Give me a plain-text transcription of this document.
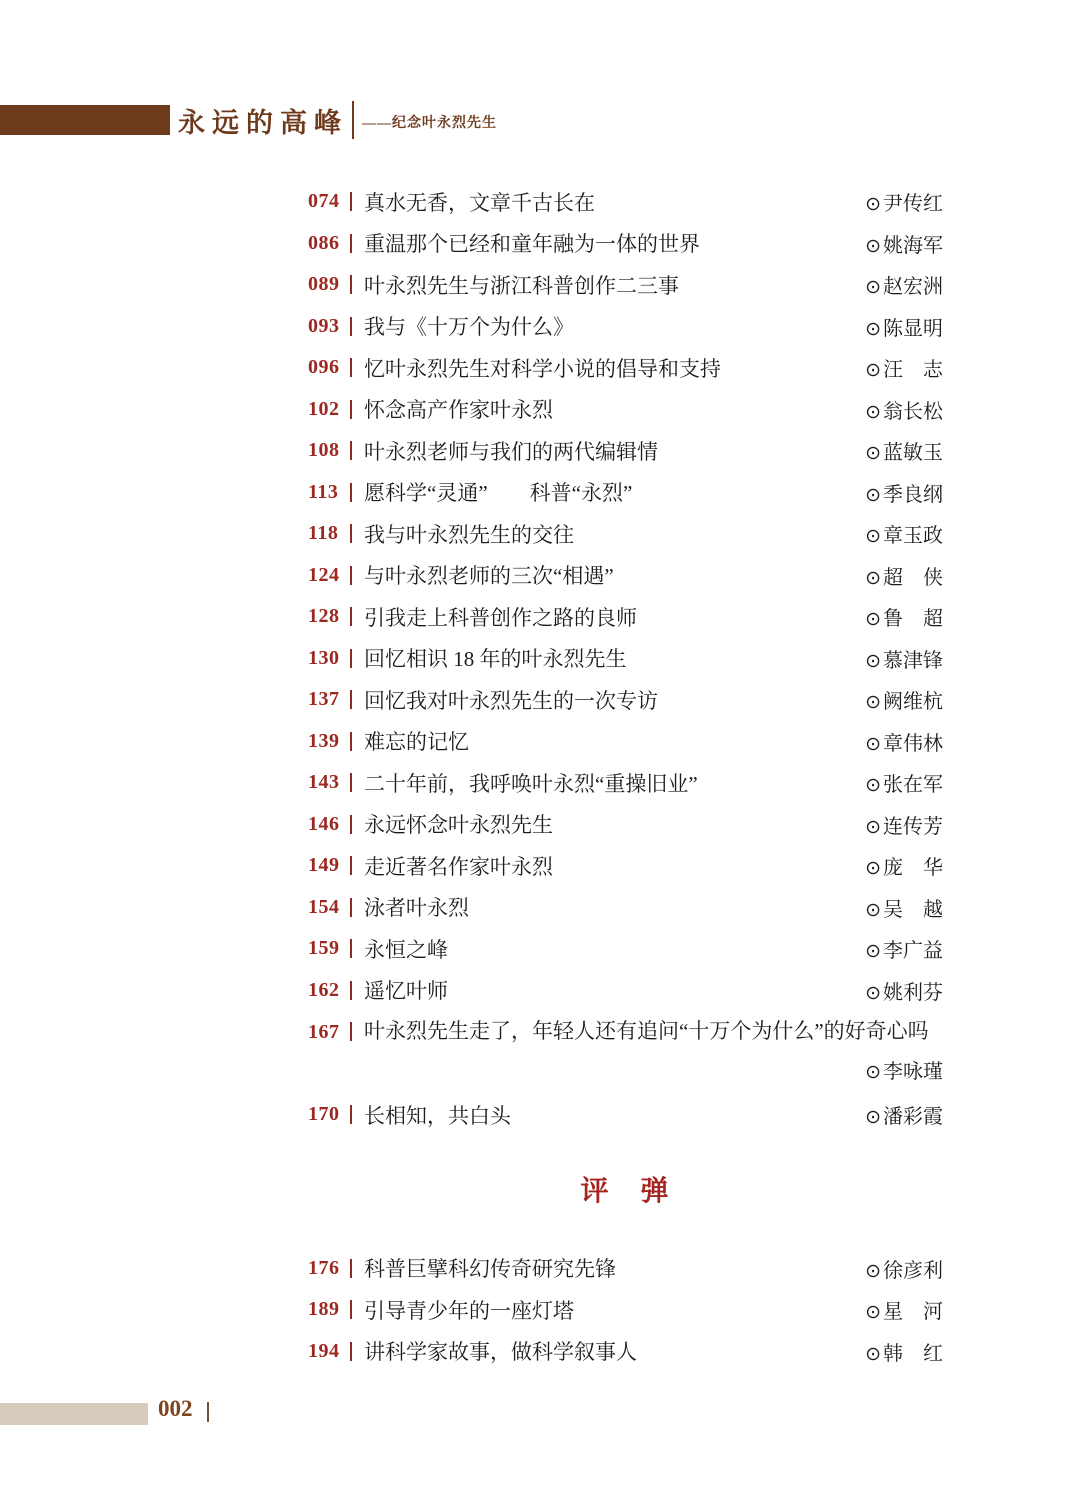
永远的高峰 ——纪念叶永烈先生
074	真水无香，文章千古长在	⊙ 尹传红
086	重温那个已经和童年融为一体的世界	⊙ 姚海军
089	叶永烈先生与浙江科普创作二三事	⊙ 赵宏洲
093	我与《十万个为什么》	⊙ 陈显明
096	忆叶永烈先生对科学小说的倡导和支持	⊙ 汪　志
102	怀念高产作家叶永烈	⊙ 翁长松
108	叶永烈老师与我们的两代编辑情	⊙ 蓝敏玉
113	愿科学“灵通”　　科普“永烈”	⊙ 季良纲
118	我与叶永烈先生的交往	⊙ 章玉政
124	与叶永烈老师的三次“相遇”	⊙ 超　侠
128	引我走上科普创作之路的良师	⊙ 鲁　超
130	回忆相识 18 年的叶永烈先生	⊙ 慕津锋
137	回忆我对叶永烈先生的一次专访	⊙ 阙维杭
139	难忘的记忆	⊙ 章伟林
143	二十年前，我呼唤叶永烈“重操旧业”	⊙ 张在军
146	永远怀念叶永烈先生	⊙ 连传芳
149	走近著名作家叶永烈	⊙ 庞　华
154	泳者叶永烈	⊙ 吴　越
159	永恒之峰	⊙ 李广益
162	遥忆叶师	⊙ 姚利芬
167 叶永烈先生走了，年轻人还有追问“十万个为什么”的好奇心吗
⊙ 李咏瑾
170	长相知，共白头	⊙ 潘彩霞
评　弹
176	科普巨擘科幻传奇研究先锋	⊙ 徐彦利
189	引导青少年的一座灯塔	⊙ 星　河
194	讲科学家故事，做科学叙事人	⊙ 韩　红
002
